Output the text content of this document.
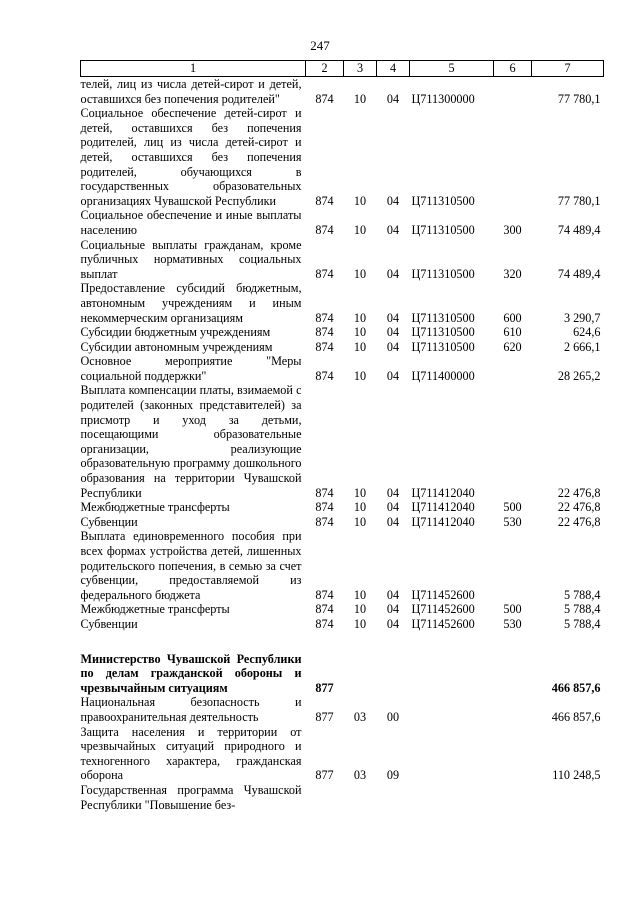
247
1	2	3	4	5	6	7
телей, лиц из числа детей-сирот и детей, оставшихся без попечения родителей"	874	10	04	Ц711300000		77 780,1
Социальное обеспечение детей-сирот и детей, оставшихся без попечения родителей, лиц из числа детей-сирот и детей, оставшихся без попечения родителей, обучающихся в государственных образовательных организациях Чувашской Республики	874	10	04	Ц711310500		77 780,1
Социальное обеспечение и иные выплаты населению	874	10	04	Ц711310500	300	74 489,4
Социальные выплаты гражданам, кроме публичных нормативных социальных выплат	874	10	04	Ц711310500	320	74 489,4
Предоставление субсидий бюджетным, автономным учреждениям и иным некоммерческим организациям	874	10	04	Ц711310500	600	3 290,7
Субсидии бюджетным учреждениям	874	10	04	Ц711310500	610	624,6
Субсидии автономным учреждениям	874	10	04	Ц711310500	620	2 666,1
Основное мероприятие "Меры социальной поддержки"	874	10	04	Ц711400000		28 265,2
Выплата компенсации платы, взимаемой с родителей (законных представителей) за присмотр и уход за детьми, посещающими образовательные организации, реализующие образовательную программу дошкольного образования на территории Чувашской Республики	874	10	04	Ц711412040		22 476,8
Межбюджетные трансферты	874	10	04	Ц711412040	500	22 476,8
Субвенции	874	10	04	Ц711412040	530	22 476,8
Выплата единовременного пособия при всех формах устройства детей, лишенных родительского попечения, в семью за счет субвенции, предоставляемой из федерального бюджета	874	10	04	Ц711452600		5 788,4
Межбюджетные трансферты	874	10	04	Ц711452600	500	5 788,4
Субвенции	874	10	04	Ц711452600	530	5 788,4

Министерство Чувашской Республики по делам гражданской обороны и чрезвычайным ситуациям	877					466 857,6
Национальная безопасность и правоохранительная деятельность	877	03	00			466 857,6
Защита населения и территории от чрезвычайных ситуаций природного и техногенного характера, гражданская оборона	877	03	09			110 248,5
Государственная программа Чувашской Республики "Повышение без-						
